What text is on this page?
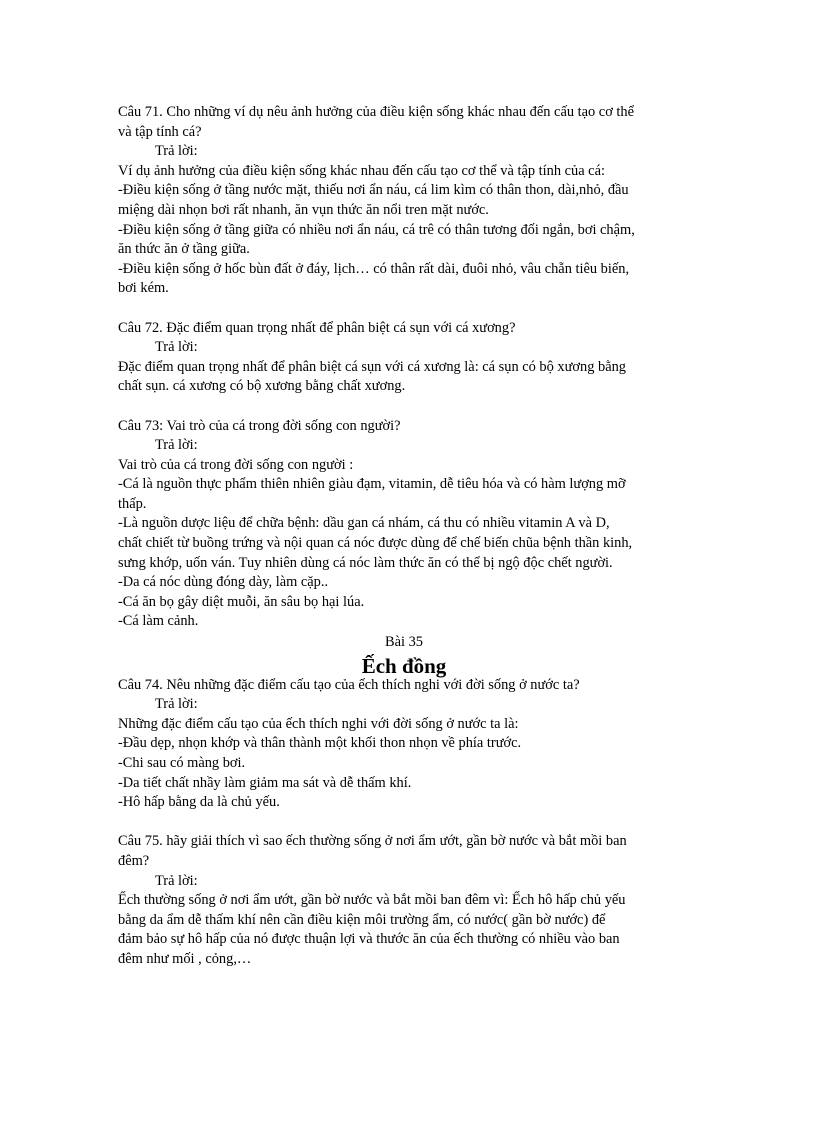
Câu 71. Cho những ví dụ nêu ảnh hưởng của điều kiện sống khác nhau đến cấu tạo cơ thể
và tập tính cá?
Trả lời:
Ví dụ ảnh hưởng của điều kiện sống khác nhau đến cấu tạo cơ thể và tập tính của cá:
-Điều kiện sống ở tầng nước mặt, thiếu nơi ẩn náu, cá lim kìm có thân thon, dài,nhỏ, đầu
miệng dài nhọn bơi rất nhanh, ăn vụn thức ăn nổi tren mặt nước.
-Điều kiện sống ở tầng giữa có nhiều nơi ẩn náu, cá trê có thân tương đối ngắn, bơi chậm,
ăn thức ăn ở tầng giữa.
-Điều kiện sống ở hốc bùn đất ở đáy, lịch… có thân rất dài, đuôi nhỏ, vâu chẵn tiêu biến,
bơi kém.
Câu 72. Đặc điểm quan trọng nhất để phân biệt cá sụn với cá xương?
Trả lời:
Đặc điểm quan trọng nhất để phân biệt cá sụn với cá xương là: cá sụn có bộ xương bằng
chất sụn. cá xương có bộ xương bằng chất xương.
Câu 73: Vai trò của cá trong đời sống con người?
Trả lời:
Vai trò của cá trong đời sống con người :
-Cá là nguồn thực phẩm thiên nhiên giàu đạm, vitamin, dễ tiêu hóa và có hàm lượng mỡ
thấp.
-Là nguồn dược liệu để chữa bệnh: dầu gan cá nhám, cá thu có nhiều vitamin A và D,
chất chiết từ buồng trứng và nội quan cá nóc được dùng để chế biến chũa bệnh thần kinh,
sưng khớp, uốn ván. Tuy nhiên dùng cá nóc làm thức ăn có thể bị ngộ độc chết người.
-Da cá nóc dùng đóng dày, làm cặp..
-Cá ăn bọ gây diệt muỗi, ăn sâu bọ hại lúa.
-Cá làm cảnh.
Bài 35
Ếch đồng
Câu 74. Nêu những đặc điểm cấu tạo của ếch thích nghi với đời sống ở nước ta?
Trả lời:
Những đặc điểm cấu tạo của ếch thích nghi với đời sống ở nước ta là:
-Đầu dẹp, nhọn khớp và thân thành một khối thon nhọn về phía trước.
-Chi sau có màng bơi.
-Da tiết chất nhầy làm giảm ma sát và dễ thấm khí.
-Hô hấp bằng da là chủ yếu.
Câu 75. hãy giải thích vì sao ếch thường sống ở nơi ẩm ướt, gần bờ nước và bắt mồi ban
đêm?
Trả lời:
Ếch thường sống ở nơi ẩm ướt, gần bờ nước và bắt mồi ban đêm vì: Ếch hô hấp chủ yếu
bằng da ẩm dễ thấm khí nên cần điều kiện môi trường ẩm, có nước( gần bờ nước) để
đảm bảo sự hô hấp của nó được thuận lợi và thước ăn của ếch thường có nhiều vào ban
đêm như mối , cỏng,…
